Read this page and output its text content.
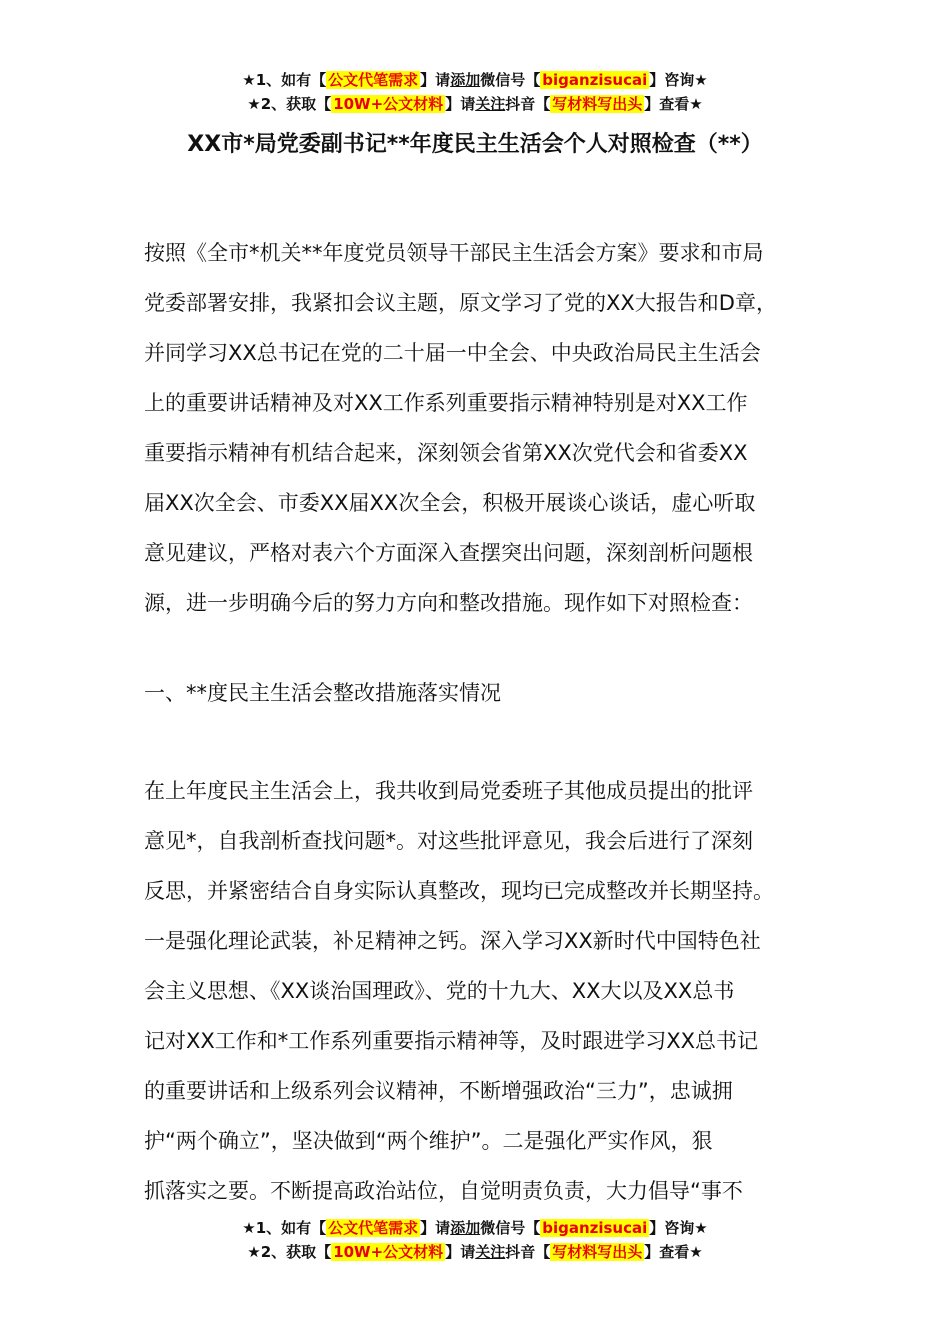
★1、如有【 公文代笔需求 】请添加微信号【 biganzisucai 】咨询★
★2、获取【 10W+公文材料 】请关注抖音【 写材料写出头 】查看★
XX市*局党委副书记**年度民主生活会个人对照检查（**）
按照《全市*机关**年度党员领导干部民主生活会方案》要求和市局
党委部署安排，我紧扣会议主题，原文学习了党的XX大报告和D章，
并同学习XX总书记在党的二十届一中全会、中央政治局民主生活会
上的重要讲话精神及对XX工作系列重要指示精神特别是对XX工作
重要指示精神有机结合起来，深刻领会省第XX次党代会和省委XX
届XX次全会、市委XX届XX次全会，积极开展谈心谈话，虚心听取
意见建议，严格对表六个方面深入查摆突出问题，深刻剖析问题根
源，进一步明确今后的努力方向和整改措施。现作如下对照检查：
一、**度民主生活会整改措施落实情况
在上年度民主生活会上，我共收到局党委班子其他成员提出的批评
意见*，自我剖析查找问题*。对这些批评意见，我会后进行了深刻
反思，并紧密结合自身实际认真整改，现均已完成整改并长期坚持。
一是强化理论武装，补足精神之钙。深入学习XX新时代中国特色社
会主义思想、《XX谈治国理政》、党的十九大、XX大以及XX总书
记对XX工作和*工作系列重要指示精神等，及时跟进学习XX总书记
的重要讲话和上级系列会议精神，不断增强政治“三力”，忠诚拥
护“两个确立”，坚决做到“两个维护”。二是强化严实作风，狠
抓落实之要。不断提高政治站位，自觉明责负责，大力倡导“事不
★1、如有【 公文代笔需求 】请添加微信号【 biganzisucai 】咨询★
★2、获取【 10W+公文材料 】请关注抖音【 写材料写出头 】查看★
